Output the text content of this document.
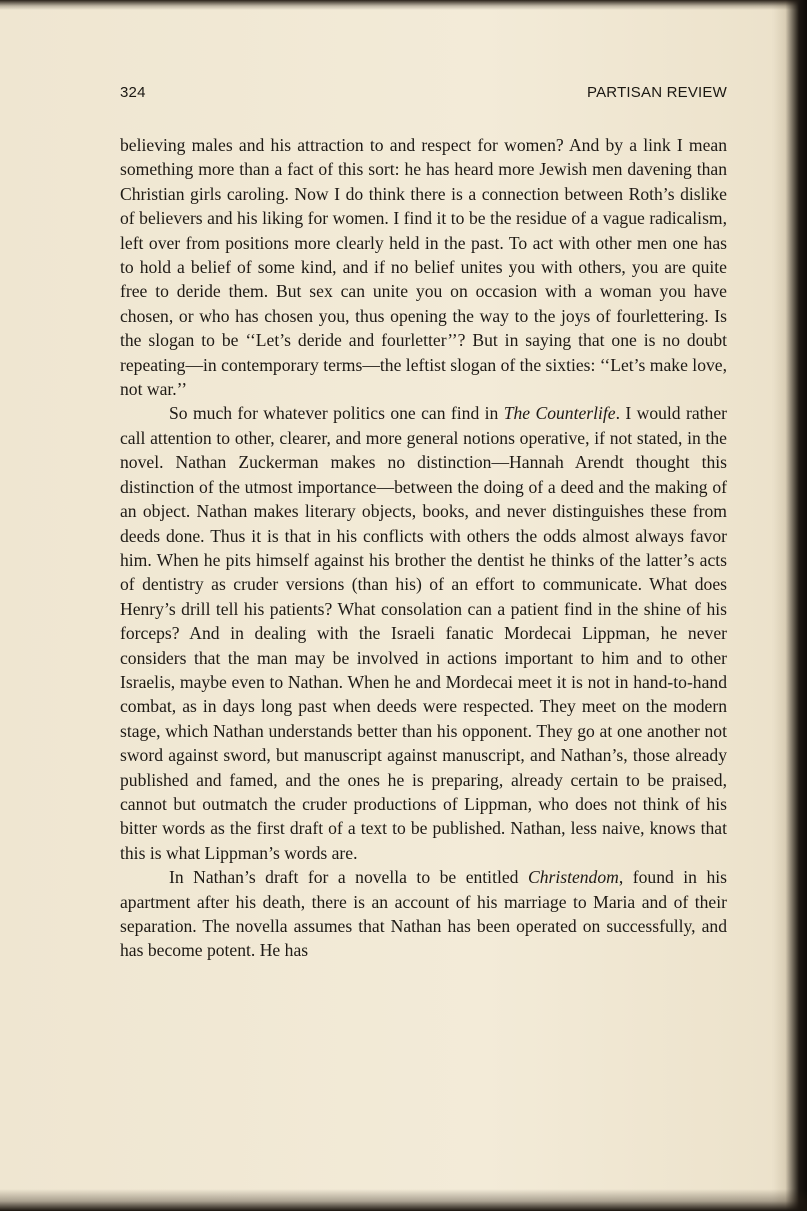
324	PARTISAN REVIEW

believing males and his attraction to and respect for women? And by a link I mean something more than a fact of this sort: he has heard more Jewish men davening than Christian girls caroling. Now I do think there is a connection between Roth’s dislike of believers and his liking for women. I find it to be the residue of a vague radicalism, left over from positions more clearly held in the past. To act with other men one has to hold a belief of some kind, and if no belief unites you with others, you are quite free to deride them. But sex can unite you on occasion with a woman you have chosen, or who has chosen you, thus opening the way to the joys of fourlettering. Is the slogan to be ‘‘Let’s deride and fourletter’’? But in saying that one is no doubt repeating—in contemporary terms—the leftist slogan of the sixties: ‘‘Let’s make love, not war.’’

So much for whatever politics one can find in The Counterlife. I would rather call attention to other, clearer, and more general notions operative, if not stated, in the novel. Nathan Zuckerman makes no distinction—Hannah Arendt thought this distinction of the utmost importance—between the doing of a deed and the making of an object. Nathan makes literary objects, books, and never distinguishes these from deeds done. Thus it is that in his conflicts with others the odds almost always favor him. When he pits himself against his brother the dentist he thinks of the latter’s acts of dentistry as cruder versions (than his) of an effort to communicate. What does Henry’s drill tell his patients? What consolation can a patient find in the shine of his forceps? And in dealing with the Israeli fanatic Mordecai Lippman, he never considers that the man may be involved in actions important to him and to other Israelis, maybe even to Nathan. When he and Mordecai meet it is not in hand-to-hand combat, as in days long past when deeds were respected. They meet on the modern stage, which Nathan understands better than his opponent. They go at one another not sword against sword, but manuscript against manuscript, and Nathan’s, those already published and famed, and the ones he is preparing, already certain to be praised, cannot but outmatch the cruder productions of Lippman, who does not think of his bitter words as the first draft of a text to be published. Nathan, less naive, knows that this is what Lippman’s words are.

In Nathan’s draft for a novella to be entitled Christendom, found in his apartment after his death, there is an account of his marriage to Maria and of their separation. The novella assumes that Nathan has been operated on successfully, and has become potent. He has
